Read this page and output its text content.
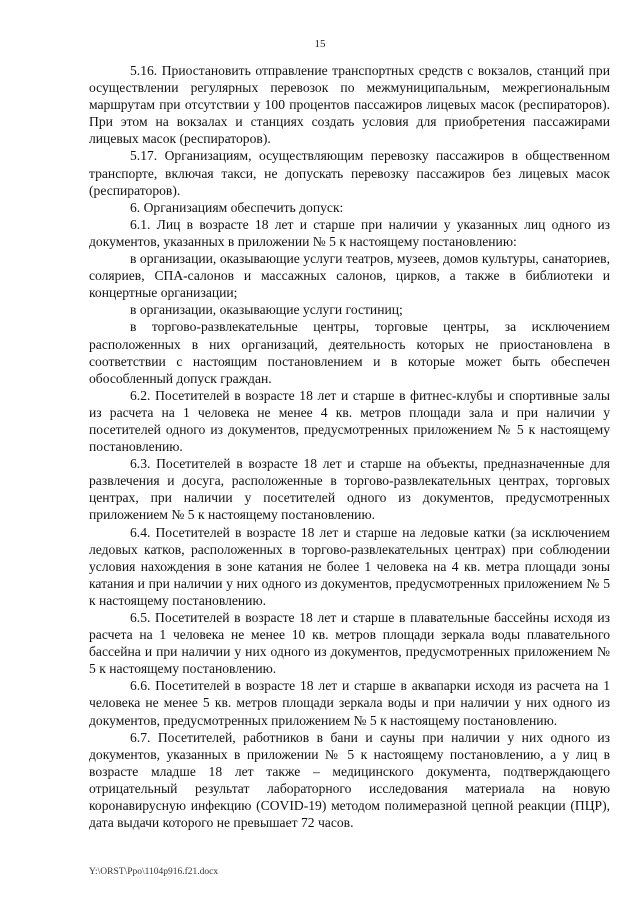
15

5.16. Приостановить отправление транспортных средств с вокзалов, станций при осуществлении регулярных перевозок по межмуниципальным, межрегиональным маршрутам при отсутствии у 100 процентов пассажиров лицевых масок (респираторов). При этом на вокзалах и станциях создать условия для приобретения пассажирами лицевых масок (респираторов).

5.17. Организациям, осуществляющим перевозку пассажиров в общественном транспорте, включая такси, не допускать перевозку пассажиров без лицевых масок (респираторов).

6. Организациям обеспечить допуск:

6.1. Лиц в возрасте 18 лет и старше при наличии у указанных лиц одного из документов, указанных в приложении № 5 к настоящему постановлению:

в организации, оказывающие услуги театров, музеев, домов культуры, санаториев, соляриев, СПА-салонов и массажных салонов, цирков, а также в библиотеки и концертные организации;

в организации, оказывающие услуги гостиниц;

в торгово-развлекательные центры, торговые центры, за исключением расположенных в них организаций, деятельность которых не приостановлена в соответствии с настоящим постановлением и в которые может быть обеспечен обособленный допуск граждан.

6.2. Посетителей в возрасте 18 лет и старше в фитнес-клубы и спортивные залы из расчета на 1 человека не менее 4 кв. метров площади зала и при наличии у посетителей одного из документов, предусмотренных приложением № 5 к настоящему постановлению.

6.3. Посетителей в возрасте 18 лет и старше на объекты, предназначенные для развлечения и досуга, расположенные в торгово-развлекательных центрах, торговых центрах, при наличии у посетителей одного из документов, предусмотренных приложением № 5 к настоящему постановлению.

6.4. Посетителей в возрасте 18 лет и старше на ледовые катки (за исключением ледовых катков, расположенных в торгово-развлекательных центрах) при соблюдении условия нахождения в зоне катания не более 1 человека на 4 кв. метра площади зоны катания и при наличии у них одного из документов, предусмотренных приложением № 5 к настоящему постановлению.

6.5. Посетителей в возрасте 18 лет и старше в плавательные бассейны исходя из расчета на 1 человека не менее 10 кв. метров площади зеркала воды плавательного бассейна и при наличии у них одного из документов, предусмотренных приложением № 5 к настоящему постановлению.

6.6. Посетителей в возрасте 18 лет и старше в аквапарки исходя из расчета на 1 человека не менее 5 кв. метров площади зеркала воды и при наличии у них одного из документов, предусмотренных приложением № 5 к настоящему постановлению.

6.7. Посетителей, работников в бани и сауны при наличии у них одного из документов, указанных в приложении № 5 к настоящему постановлению, а у лиц в возрасте младше 18 лет также – медицинского документа, подтверждающего отрицательный результат лабораторного исследования материала на новую коронавирусную инфекцию (COVID-19) методом полимеразной цепной реакции (ПЦР), дата выдачи которого не превышает 72 часов.

Y:\ORST\Ppo\1104p916.f21.docx
